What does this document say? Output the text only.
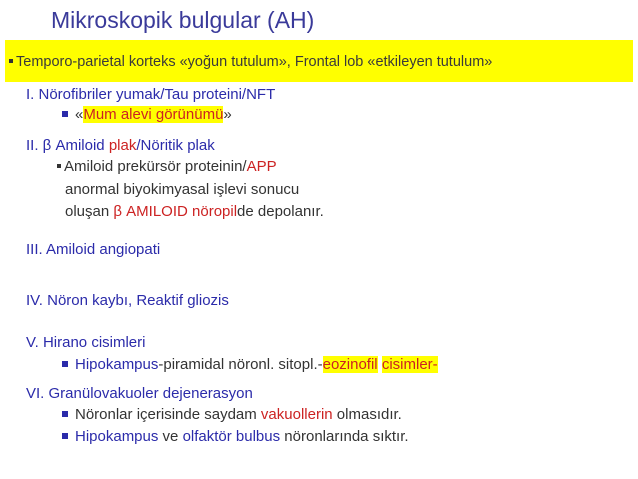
Mikroskopik bulgular (AH)
Temporo-parietal korteks «yoğun tutulum», Frontal lob «etkileyen tutulum»
I. Nörofibriler yumak/Tau proteini/NFT
«Mum alevi görünümü»
II. β Amiloid plak/Nöritik plak
Amiloid prekürsör proteinin/APP
anormal biyokimyasal işlevi sonucu
oluşan β AMILOID nöropilde depolanır.
III. Amiloid angiopati
IV. Nöron kaybı, Reaktif gliozis
V. Hirano cisimleri
Hipokampus-piramidal nöronl. sitopl.-eozinofil cisimler-
VI. Granülovakuoler dejenerasyon
Nöronlar içerisinde saydam vakuollerin olmasıdır.
Hipokampus ve olfaktör bulbus nöronlarında sıktır.
